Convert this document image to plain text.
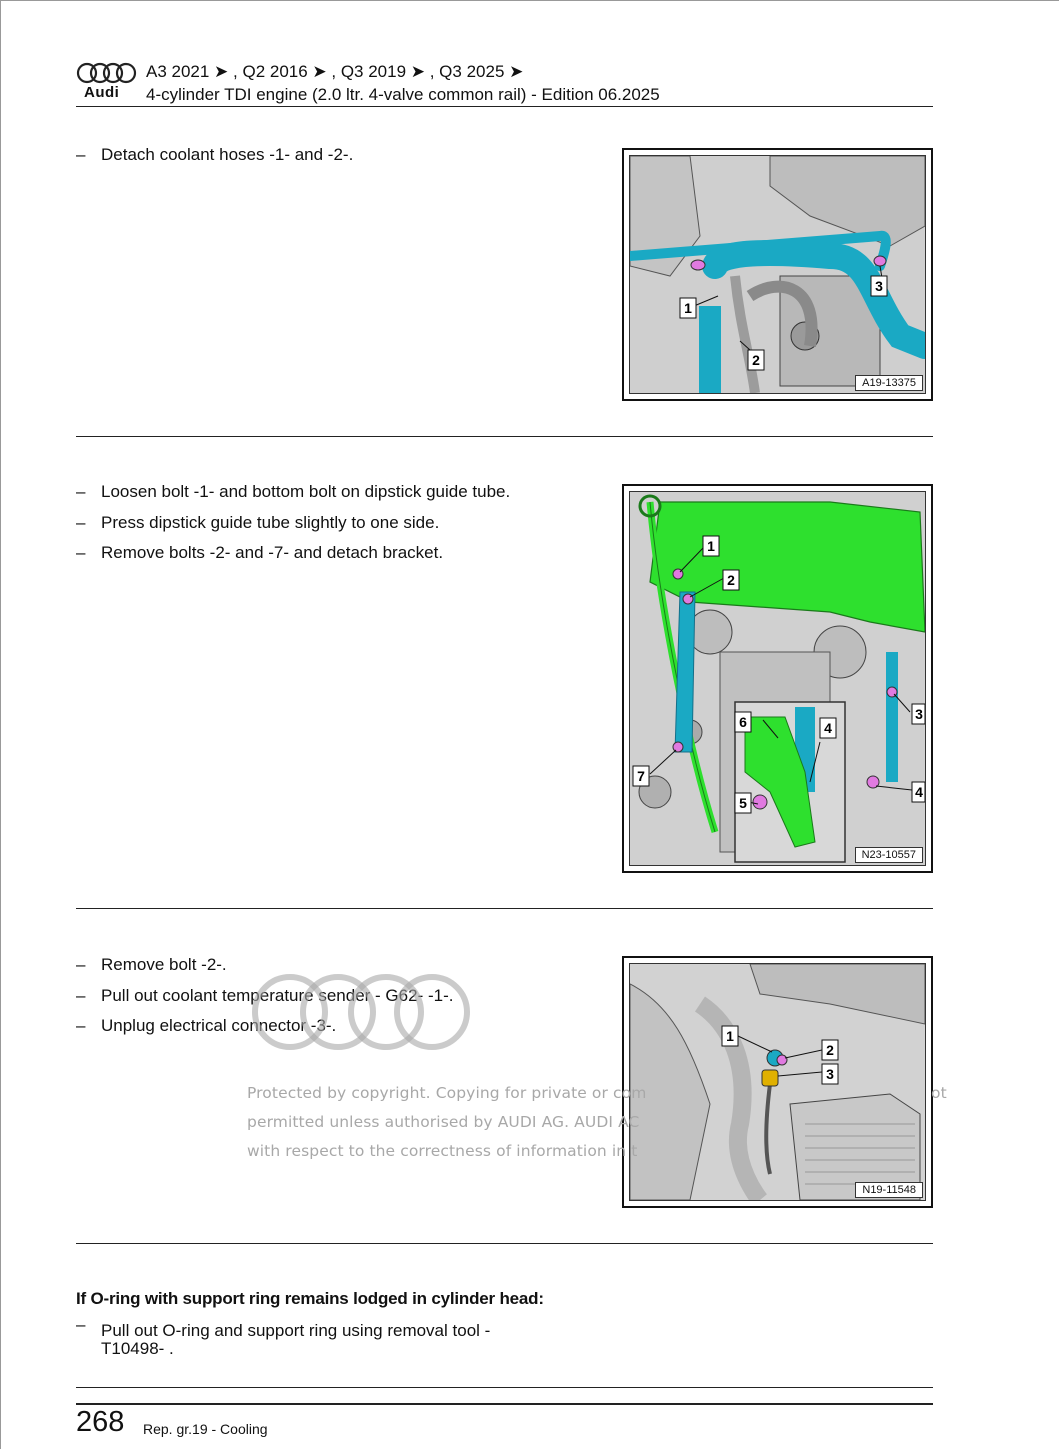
Audi
A3 2021 ➤ , Q2 2016 ➤ , Q3 2019 ➤ , Q3 2025 ➤
4-cylinder TDI engine (2.0 ltr. 4-valve common rail) - Edition 06.2025
– Detach coolant hoses -1- and -2-.
1
2
3
A19-13375
– Loosen bolt -1- and bottom bolt on dipstick guide tube.
– Press dipstick guide tube slightly to one side.
– Remove bolts -2- and -7- and detach bracket.	1
2
3
4
5
6	4
7
N23-10557
– Remove bolt -2-.
– Pull out coolant temperature sender - G62- -1-.
– Unplug electrical connector -3-.
1
2
3
N19-11548
Protected by copyright. Copying for private or com
permitted unless authorised by AUDI AG. AUDI AC
with respect to the correctness of information in t
ot
If O-ring with support ring remains lodged in cylinder head:
– Pull out O-ring and support ring using removal tool -
T10498- .
268 Rep. gr.19 - Cooling
